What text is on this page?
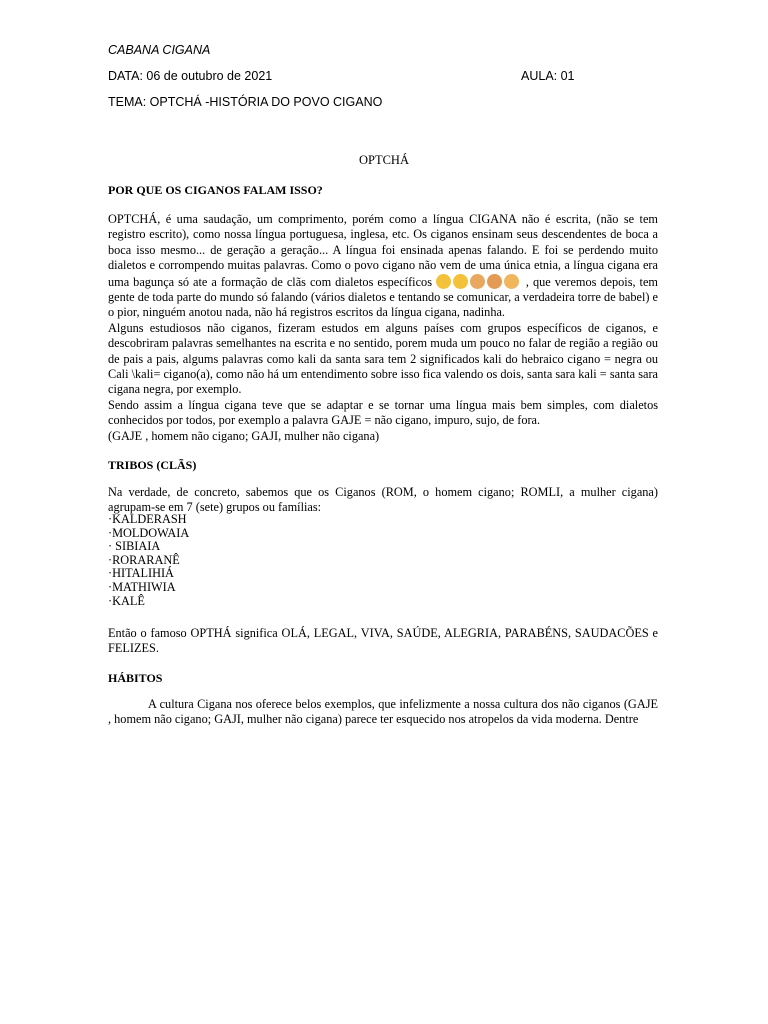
CABANA CIGANA
DATA: 06 de outubro de 2021	AULA: 01
TEMA: OPTCHÁ -HISTÓRIA DO POVO CIGANO
OPTCHÁ
POR QUE OS CIGANOS FALAM ISSO?

OPTCHÁ, é uma saudação, um comprimento, porém como a língua CIGANA não é escrita, (não se tem registro escrito), como nossa língua portuguesa, inglesa, etc. Os ciganos ensinam seus descendentes de boca a boca isso mesmo... de geração a geração... A língua foi ensinada apenas falando. E foi se perdendo muito dialetos e corrompendo muitas palavras. Como o povo cigano não vem de uma única etnia, a língua cigana era uma bagunça só ate a formação de clãs com dialetos específicos	, que veremos depois, tem gente de toda parte do mundo só falando (vários dialetos e tentando se comunicar, a verdadeira torre de babel) e o pior, ninguém anotou nada, não há registros escritos da língua cigana, nadinha.

Alguns estudiosos não ciganos, fizeram estudos em alguns países com grupos específicos de ciganos, e descobriram palavras semelhantes na escrita e no sentido, porem muda um pouco no falar de região a região ou de pais a pais, algums palavras como kali da santa sara tem 2 significados kali do hebraico cigano = negra ou Cali \kali= cigano(a), como não há um entendimento sobre isso fica valendo os dois, santa sara kali = santa sara cigana negra, por exemplo.

Sendo assim a língua cigana teve que se adaptar e se tornar uma língua mais bem simples, com dialetos conhecidos por todos, por exemplo a palavra GAJE = não cigano, impuro, sujo, de fora.

(GAJE , homem não cigano; GAJI, mulher não cigana)

TRIBOS (CLÃS)
Na verdade, de concreto, sabemos que os Ciganos (ROM, o homem cigano; ROMLI, a mulher cigana) agrupam-se em 7 (sete) grupos ou famílias:
·KALDERASH
·MOLDOWAIA
· SIBIAIA
·RORARANÊ
·HITALIHIÁ
·MATHIWIA
·KALÊ
Então o famoso OPTHÁ significa OLÁ, LEGAL, VIVA, SAÚDE, ALEGRIA, PARABÉNS, SAUDACÕES e FELIZES.
HÁBITOS
A cultura Cigana nos oferece belos exemplos, que infelizmente a nossa cultura dos não ciganos (GAJE , homem não cigano; GAJI, mulher não cigana) parece ter esquecido nos atropelos da vida moderna. Dentre
